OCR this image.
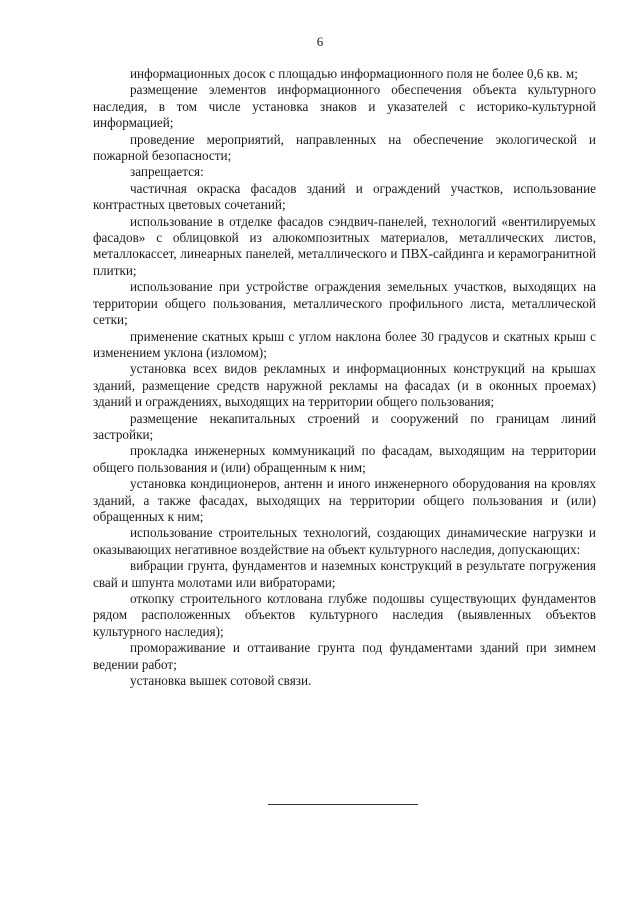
6

информационных досок с площадью информационного поля не более 0,6 кв. м;

размещение элементов информационного обеспечения объекта культурного наследия, в том числе установка знаков и указателей с историко-культурной информацией;

проведение мероприятий, направленных на обеспечение экологической и пожарной безопасности;

запрещается:

частичная окраска фасадов зданий и ограждений участков, использование контрастных цветовых сочетаний;

использование в отделке фасадов сэндвич-панелей, технологий «вентилируемых фасадов» с облицовкой из алюкомпозитных материалов, металлических листов, металлокассет, линеарных панелей, металлического и ПВХ-сайдинга и керамогранитной плитки;

использование при устройстве ограждения земельных участков, выходящих на территории общего пользования, металлического профильного листа, металлической сетки;

применение скатных крыш с углом наклона более 30 градусов и скатных крыш с изменением уклона (изломом);

установка всех видов рекламных и информационных конструкций на крышах зданий, размещение средств наружной рекламы на фасадах (и в оконных проемах) зданий и ограждениях, выходящих на территории общего пользования;

размещение некапитальных строений и сооружений по границам линий застройки;

прокладка инженерных коммуникаций по фасадам, выходящим на территории общего пользования и (или) обращенным к ним;

установка кондиционеров, антенн и иного инженерного оборудования на кровлях зданий, а также фасадах, выходящих на территории общего пользования и (или) обращенных к ним;

использование строительных технологий, создающих динамические нагрузки и оказывающих негативное воздействие на объект культурного наследия, допускающих:

вибрации грунта, фундаментов и наземных конструкций в результате погружения свай и шпунта молотами или вибраторами;

откопку строительного котлована глубже подошвы существующих фундаментов рядом расположенных объектов культурного наследия (выявленных объектов культурного наследия);

промораживание и оттаивание грунта под фундаментами зданий при зимнем ведении работ;

установка вышек сотовой связи.
